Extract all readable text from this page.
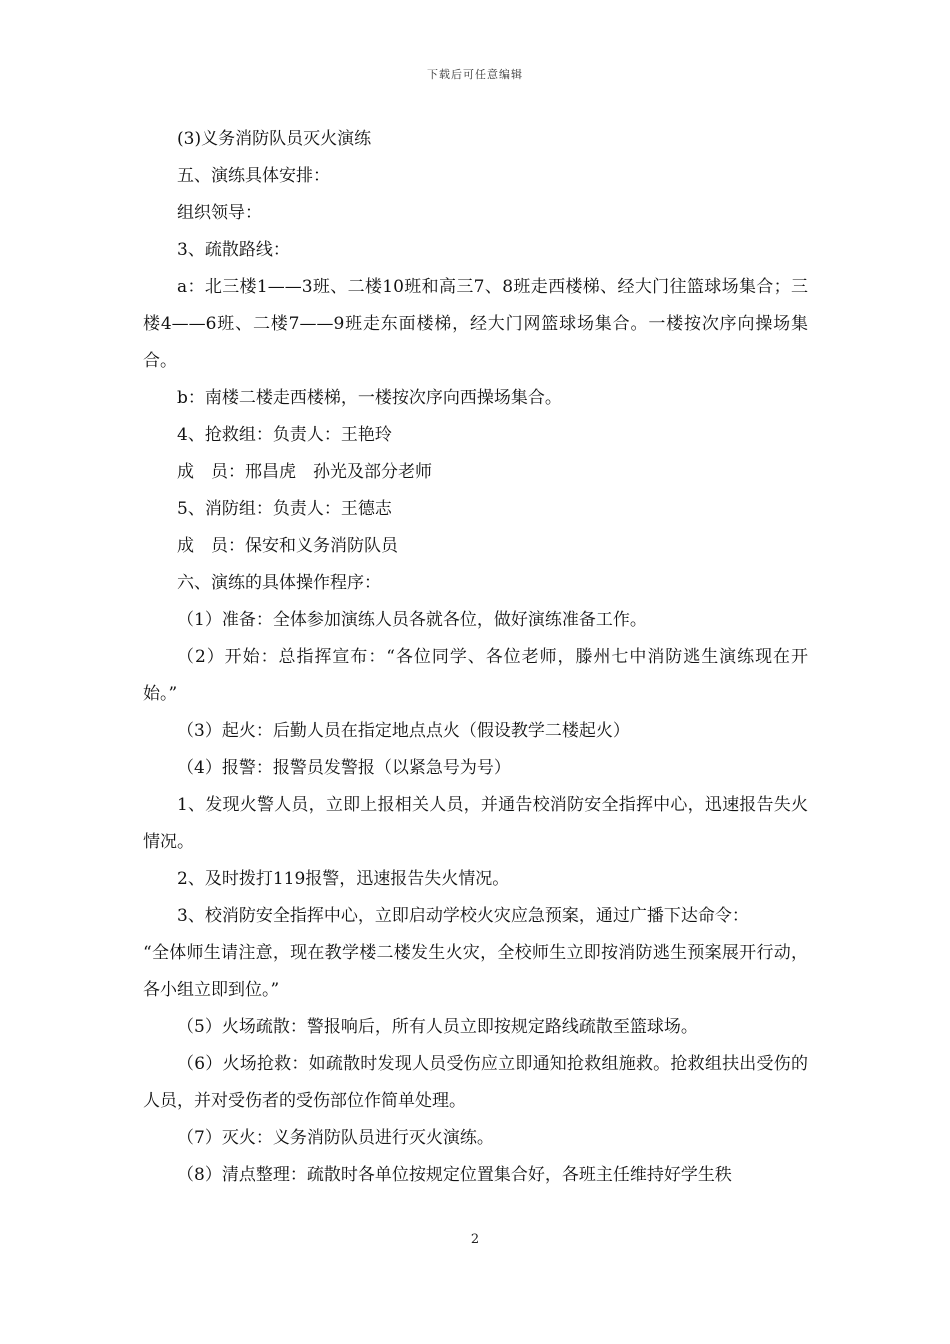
下载后可任意编辑

(3)义务消防队员灭火演练

五、演练具体安排：

组织领导：

3、疏散路线：

a：北三楼1——3班、二楼10班和高三7、8班走西楼梯、经大门往篮球场集合；三楼4——6班、二楼7——9班走东面楼梯，经大门网篮球场集合。一楼按次序向操场集合。

b：南楼二楼走西楼梯，一楼按次序向西操场集合。

4、抢救组：负责人：王艳玲

成　员：邢昌虎　孙光及部分老师

5、消防组：负责人：王德志

成　员：保安和义务消防队员

六、演练的具体操作程序：

（1）准备：全体参加演练人员各就各位，做好演练准备工作。

（2）开始：总指挥宣布：“各位同学、各位老师，滕州七中消防逃生演练现在开始。”

（3）起火：后勤人员在指定地点点火（假设教学二楼起火）

（4）报警：报警员发警报（以紧急号为号）

1、发现火警人员，立即上报相关人员，并通告校消防安全指挥中心，迅速报告失火情况。

2、及时拨打119报警，迅速报告失火情况。

3、校消防安全指挥中心，立即启动学校火灾应急预案，通过广播下达命令：

“全体师生请注意，现在教学楼二楼发生火灾，全校师生立即按消防逃生预案展开行动，各小组立即到位。”

（5）火场疏散：警报响后，所有人员立即按规定路线疏散至篮球场。

（6）火场抢救：如疏散时发现人员受伤应立即通知抢救组施救。抢救组扶出受伤的人员，并对受伤者的受伤部位作简单处理。

（7）灭火：义务消防队员进行灭火演练。

（8）清点整理：疏散时各单位按规定位置集合好，各班主任维持好学生秩

2
